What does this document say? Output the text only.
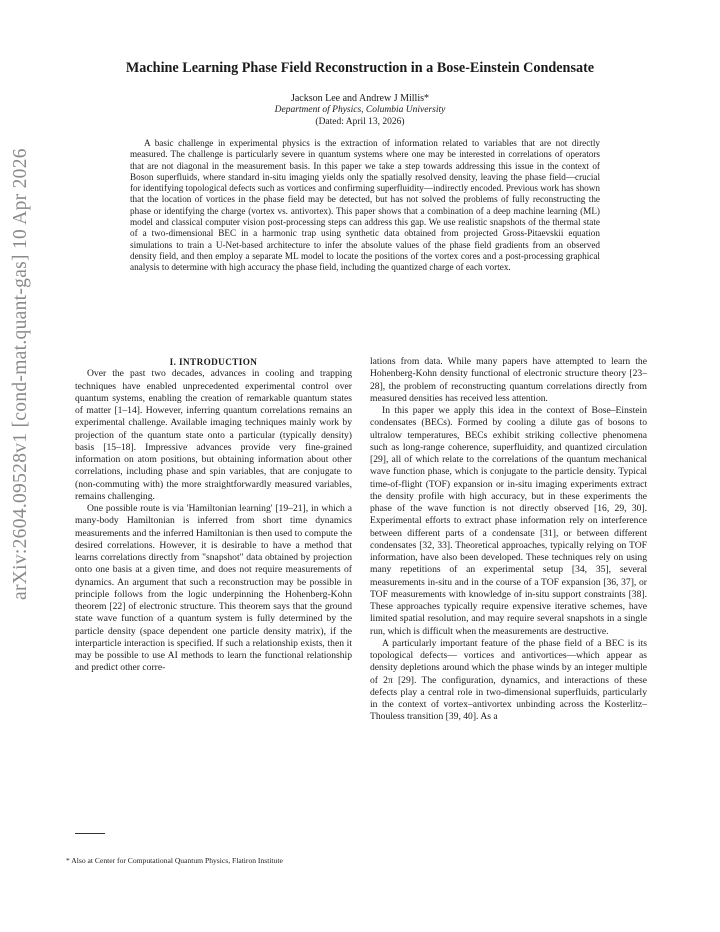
arXiv:2604.09528v1 [cond-mat.quant-gas] 10 Apr 2026
Machine Learning Phase Field Reconstruction in a Bose-Einstein Condensate
Jackson Lee and Andrew J Millis*
Department of Physics, Columbia University
(Dated: April 13, 2026)

A basic challenge in experimental physics is the extraction of information related to variables that are not directly measured. The challenge is particularly severe in quantum systems where one may be interested in correlations of operators that are not diagonal in the measurement basis. In this paper we take a step towards addressing this issue in the context of Boson superfluids, where standard in-situ imaging yields only the spatially resolved density, leaving the phase field—crucial for identifying topological defects such as vortices and confirming superfluidity—indirectly encoded. Previous work has shown that the location of vortices in the phase field may be detected, but has not solved the problems of fully reconstructing the phase or identifying the charge (vortex vs. antivortex). This paper shows that a combination of a deep machine learning (ML) model and classical computer vision post-processing steps can address this gap. We use realistic snapshots of the thermal state of a two-dimensional BEC in a harmonic trap using synthetic data obtained from projected Gross-Pitaevskii equation simulations to train a U-Net-based architecture to infer the absolute values of the phase field gradients from an observed density field, and then employ a separate ML model to locate the positions of the vortex cores and a post-processing graphical analysis to determine with high accuracy the phase field, including the quantized charge of each vortex.

I. INTRODUCTION

Over the past two decades, advances in cooling and trapping techniques have enabled unprecedented experimental control over quantum systems, enabling the creation of remarkable quantum states of matter [1–14]. However, inferring quantum correlations remains an experimental challenge. Available imaging techniques mainly work by projection of the quantum state onto a particular (typically density) basis [15–18]. Impressive advances provide very fine-grained information on atom positions, but obtaining information about other correlations, including phase and spin variables, that are conjugate to (non-commuting with) the more straightforwardly measured variables, remains challenging.

One possible route is via 'Hamiltonian learning' [19–21], in which a many-body Hamiltonian is inferred from short time dynamics measurements and the inferred Hamiltonian is then used to compute the desired correlations. However, it is desirable to have a method that learns correlations directly from "snapshot" data obtained by projection onto one basis at a given time, and does not require measurements of dynamics. An argument that such a reconstruction may be possible in principle follows from the logic underpinning the Hohenberg-Kohn theorem [22] of electronic structure. This theorem says that the ground state wave function of a quantum system is fully determined by the particle density (space dependent one particle density matrix), if the interparticle interaction is specified. If such a relationship exists, then it may be possible to use AI methods to learn the functional relationship and predict other corre-

lations from data. While many papers have attempted to learn the Hohenberg-Kohn density functional of electronic structure theory [23–28], the problem of reconstructing quantum correlations directly from measured densities has received less attention.

In this paper we apply this idea in the context of Bose–Einstein condensates (BECs). Formed by cooling a dilute gas of bosons to ultralow temperatures, BECs exhibit striking collective phenomena such as long-range coherence, superfluidity, and quantized circulation [29], all of which relate to the correlations of the quantum mechanical wave function phase, which is conjugate to the particle density. Typical time-of-flight (TOF) expansion or in-situ imaging experiments extract the density profile with high accuracy, but in these experiments the phase of the wave function is not directly observed [16, 29, 30]. Experimental efforts to extract phase information rely on interference between different parts of a condensate [31], or between different condensates [32, 33]. Theoretical approaches, typically relying on TOF information, have also been developed. These techniques rely on using many repetitions of an experimental setup [34, 35], several measurements in-situ and in the course of a TOF expansion [36, 37], or TOF measurements with knowledge of in-situ support constraints [38]. These approaches typically require expensive iterative schemes, have limited spatial resolution, and may require several snapshots in a single run, which is difficult when the measurements are destructive.

A particularly important feature of the phase field of a BEC is its topological defects— vortices and antivortices—which appear as density depletions around which the phase winds by an integer multiple of 2π [29]. The configuration, dynamics, and interactions of these defects play a central role in two-dimensional superfluids, particularly in the context of vortex–antivortex unbinding across the Kosterlitz–Thouless transition [39, 40]. As a

* Also at Center for Computational Quantum Physics, Flatiron Institute
